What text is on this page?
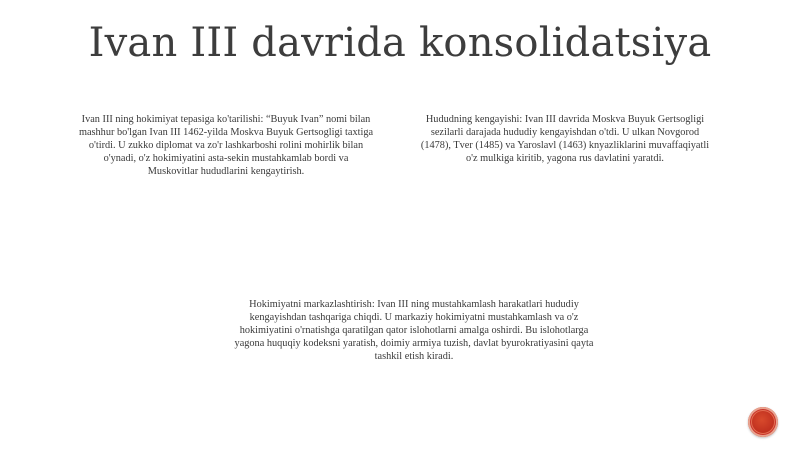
Ivan III davrida konsolidatsiya
Ivan III ning hokimiyat tepasiga ko'tarilishi: “Buyuk Ivan” nomi bilan mashhur bo'lgan Ivan III 1462-yilda Moskva Buyuk Gertsogligi taxtiga o'tirdi. U zukko diplomat va zo'r lashkarboshi rolini mohirlik bilan o'ynadi, o'z hokimiyatini asta-sekin mustahkamlab bordi va Muskovitlar hududlarini kengaytirish.
Hududning kengayishi: Ivan III davrida Moskva Buyuk Gertsogligi sezilarli darajada hududiy kengayishdan o'tdi. U ulkan Novgorod (1478), Tver (1485) va Yaroslavl (1463) knyazliklarini muvaffaqiyatli o'z mulkiga kiritib, yagona rus davlatini yaratdi.
Hokimiyatni markazlashtirish: Ivan III ning mustahkamlash harakatlari hududiy kengayishdan tashqariga chiqdi. U markaziy hokimiyatni mustahkamlash va o'z hokimiyatini o'rnatishga qaratilgan qator islohotlarni amalga oshirdi. Bu islohotlarga yagona huquqiy kodeksni yaratish, doimiy armiya tuzish, davlat byurokratiyasini qayta tashkil etish kiradi.
